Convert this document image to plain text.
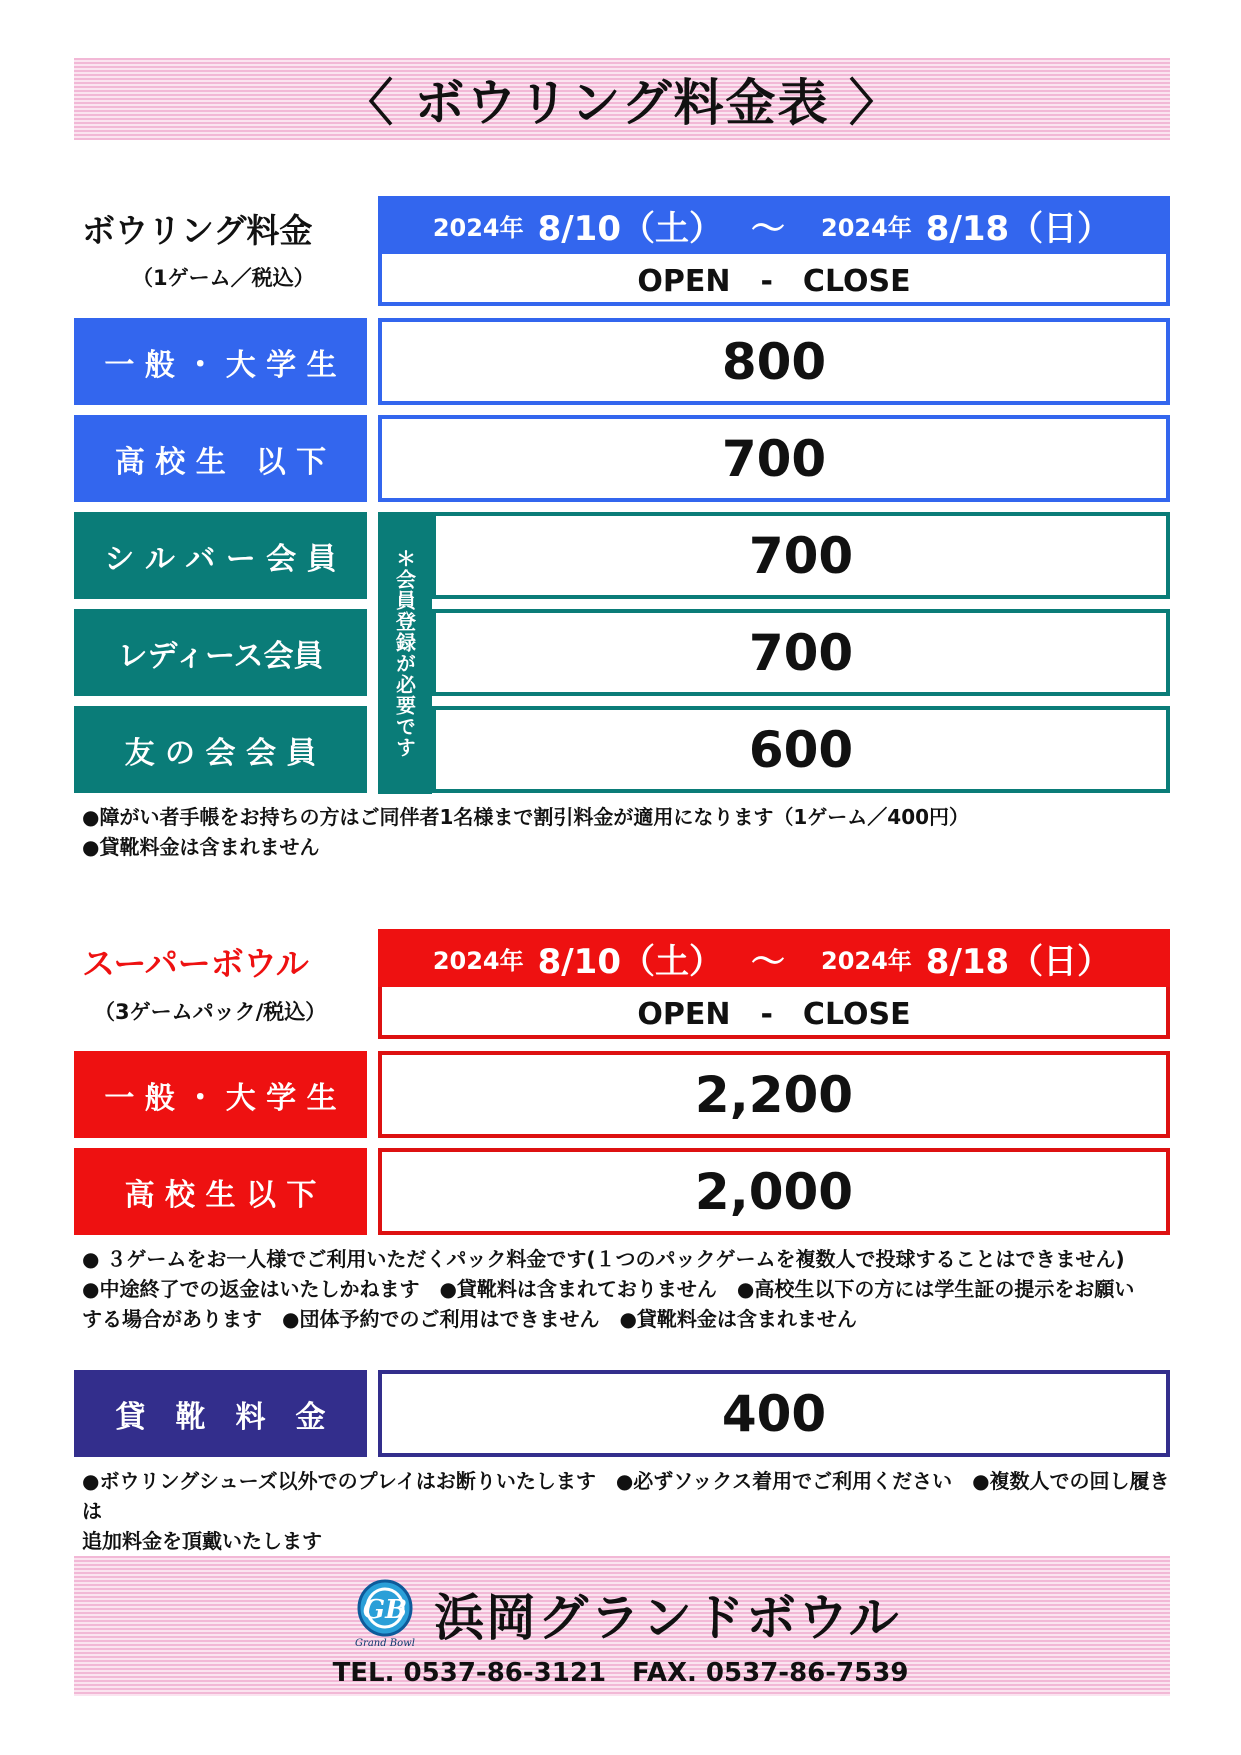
〈 ボウリング料金表 〉
ボウリング料金
（1ゲーム／税込）
2024年 8/10（土） ～ 2024年 8/18（日）
OPEN　-　CLOSE
一 般 ・ 大 学 生	800
高 校 生　以 下	700
シ ル バ ー 会 員	700
レディース会員	700
友 の 会 会 員	600
＊会員登録が必要です

●障がい者手帳をお持ちの方はご同伴者1名様まで割引料金が適用になります（1ゲーム／400円）

●貸靴料金は含まれません

スーパーボウル
（3ゲームパック/税込）
2024年 8/10（土） ～ 2024年 8/18（日）
OPEN　-　CLOSE
一 般 ・ 大 学 生	2,200
高 校 生 以 下	2,000

● ３ゲームをお一人様でご利用いただくパック料金です(１つのパックゲームを複数人で投球することはできません)

●中途終了での返金はいたしかねます　●貸靴料は含まれておりません　●高校生以下の方には学生証の提示をお願い

する場合があります　●団体予約でのご利用はできません　●貸靴料金は含まれません

貸　靴　料　金	400

●ボウリングシューズ以外でのプレイはお断りいたします　●必ずソックス着用でご利用ください　●複数人での回し履きは

追加料金を頂戴いたします

GB
Grand Bowl 浜岡グランドボウル
TEL. 0537-86-3121　FAX. 0537-86-7539
